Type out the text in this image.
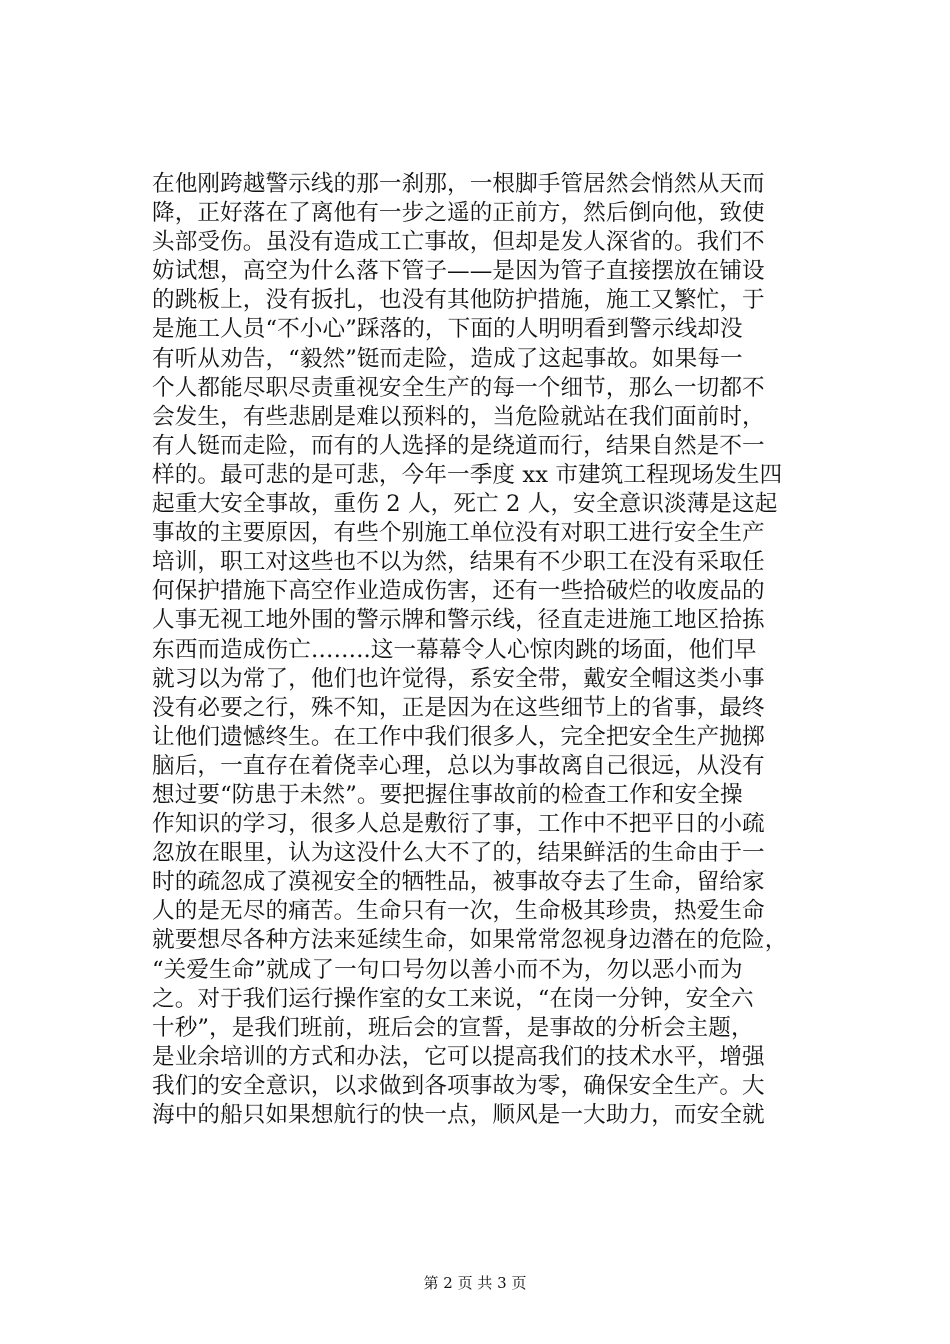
在他刚跨越警示线的那一刹那，一根脚手管居然会悄然从天而
降，正好落在了离他有一步之遥的正前方，然后倒向他，致使
头部受伤。虽没有造成工亡事故，但却是发人深省的。我们不
妨试想，高空为什么落下管子——是因为管子直接摆放在铺设
的跳板上，没有扳扎，也没有其他防护措施，施工又繁忙，于
是施工人员“不小心”踩落的，下面的人明明看到警示线却没
有听从劝告，“毅然”铤而走险，造成了这起事故。如果每一
个人都能尽职尽责重视安全生产的每一个细节，那么一切都不
会发生，有些悲剧是难以预料的，当危险就站在我们面前时，
有人铤而走险，而有的人选择的是绕道而行，结果自然是不一
样的。最可悲的是可悲，今年一季度 xx 市建筑工程现场发生四
起重大安全事故，重伤 2 人，死亡 2 人，安全意识淡薄是这起
事故的主要原因，有些个别施工单位没有对职工进行安全生产
培训，职工对这些也不以为然，结果有不少职工在没有采取任
何保护措施下高空作业造成伤害，还有一些拾破烂的收废品的
人事无视工地外围的警示牌和警示线，径直走进施工地区拾拣
东西而造成伤亡……..这一幕幕令人心惊肉跳的场面，他们早
就习以为常了，他们也许觉得，系安全带，戴安全帽这类小事
没有必要之行，殊不知，正是因为在这些细节上的省事，最终
让他们遗憾终生。在工作中我们很多人，完全把安全生产抛掷
脑后，一直存在着侥幸心理，总以为事故离自己很远，从没有
想过要“防患于未然”。要把握住事故前的检查工作和安全操
作知识的学习，很多人总是敷衍了事，工作中不把平日的小疏
忽放在眼里，认为这没什么大不了的，结果鲜活的生命由于一
时的疏忽成了漠视安全的牺牲品，被事故夺去了生命，留给家
人的是无尽的痛苦。生命只有一次，生命极其珍贵，热爱生命
就要想尽各种方法来延续生命，如果常常忽视身边潜在的危险，
“关爱生命”就成了一句口号勿以善小而不为，勿以恶小而为
之。对于我们运行操作室的女工来说，“在岗一分钟，安全六
十秒”，是我们班前，班后会的宣誓，是事故的分析会主题，
是业余培训的方式和办法，它可以提高我们的技术水平，增强
我们的安全意识，以求做到各项事故为零，确保安全生产。大
海中的船只如果想航行的快一点，顺风是一大助力，而安全就
第 2 页 共 3 页
